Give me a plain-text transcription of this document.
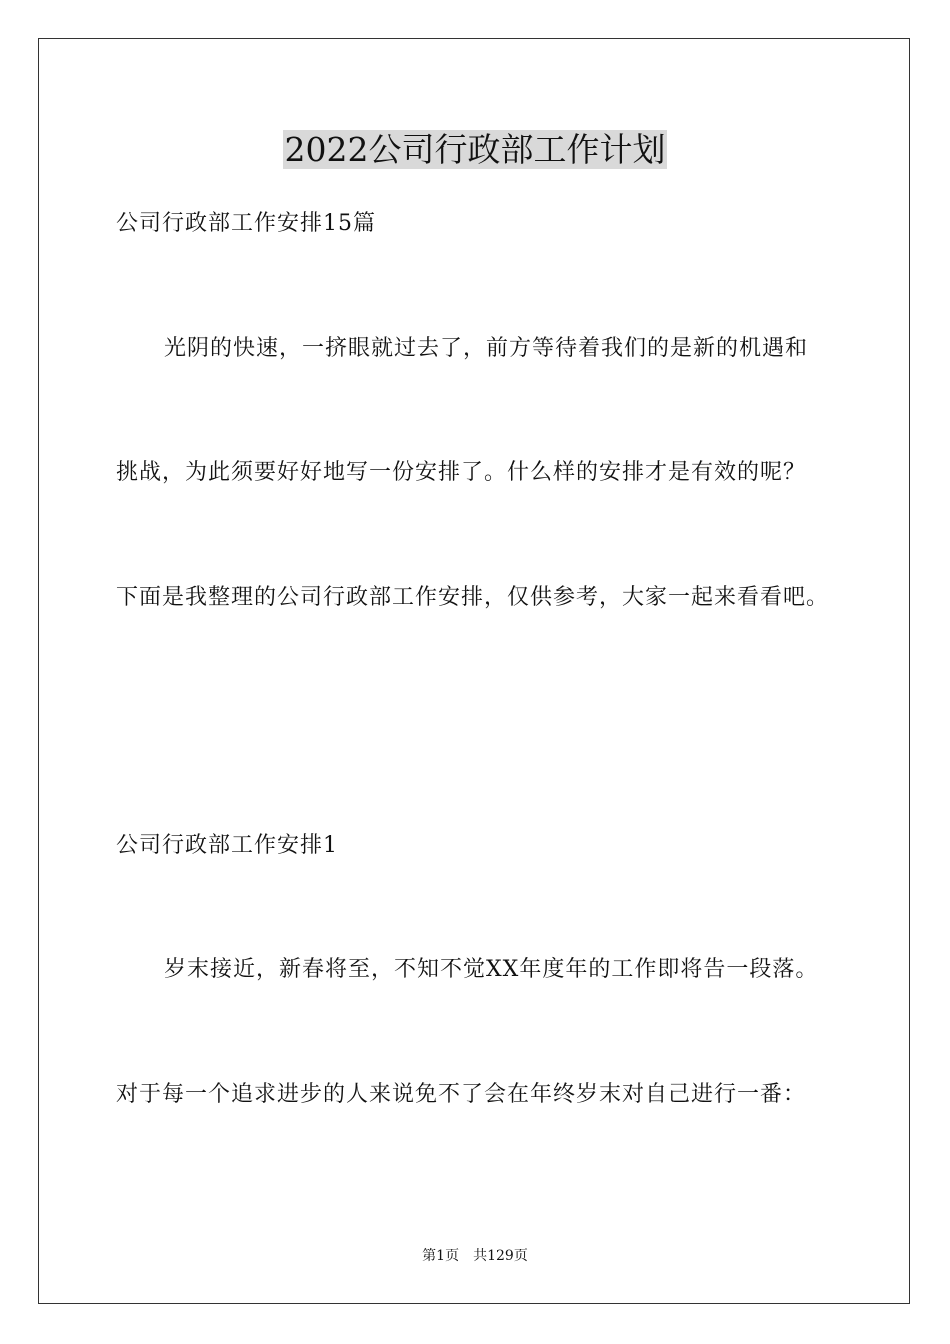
2022公司行政部工作计划

公司行政部工作安排15篇

光阴的快速，一挤眼就过去了，前方等待着我们的是新的机遇和

挑战，为此须要好好地写一份安排了。什么样的安排才是有效的呢？

下面是我整理的公司行政部工作安排，仅供参考，大家一起来看看吧。

公司行政部工作安排1

岁末接近，新春将至，不知不觉XX年度年的工作即将告一段落。

对于每一个追求进步的人来说免不了会在年终岁末对自己进行一番：

第1页 共129页
